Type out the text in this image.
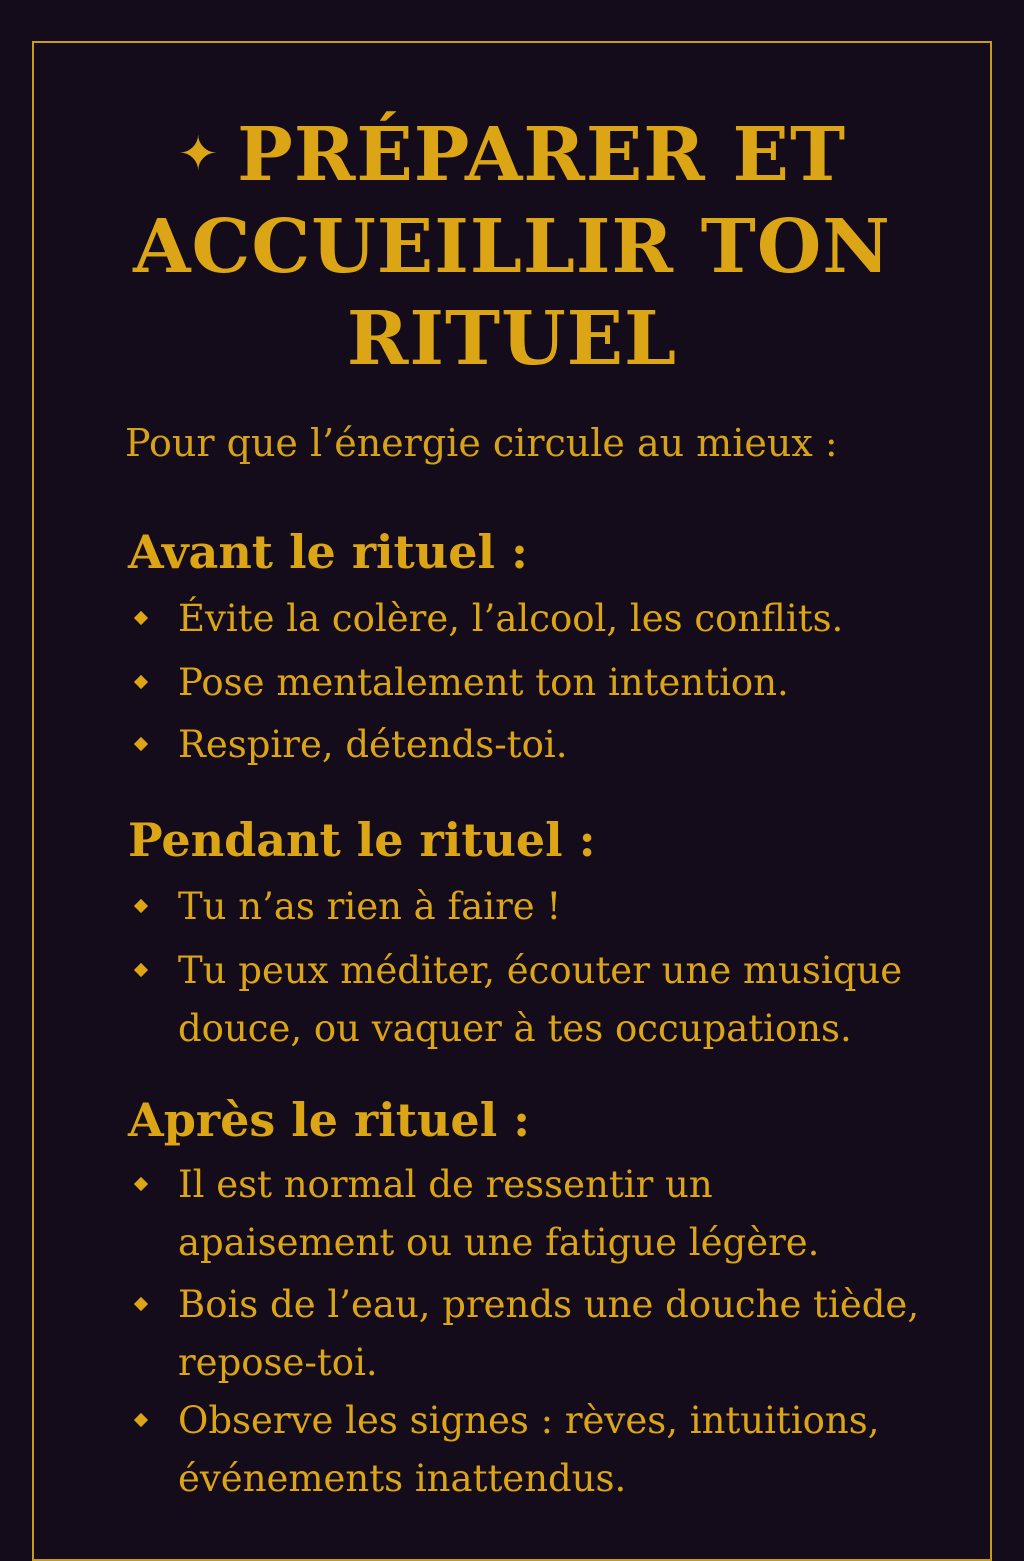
✦ PRÉPARER ET
ACCUEILLIR TON
RITUEL

Pour que l’énergie circule au mieux :

Avant le rituel :
Évite la colère, l’alcool, les conflits.
Pose mentalement ton intention.
Respire, détends-toi.
Pendant le rituel :
Tu n’as rien à faire !
Tu peux méditer, écouter une musique
douce, ou vaquer à tes occupations.
Après le rituel :
Il est normal de ressentir un
apaisement ou une fatigue légère.
Bois de l’eau, prends une douche tiède,
repose-toi.
Observe les signes : rèves, intuitions,
événements inattendus.
